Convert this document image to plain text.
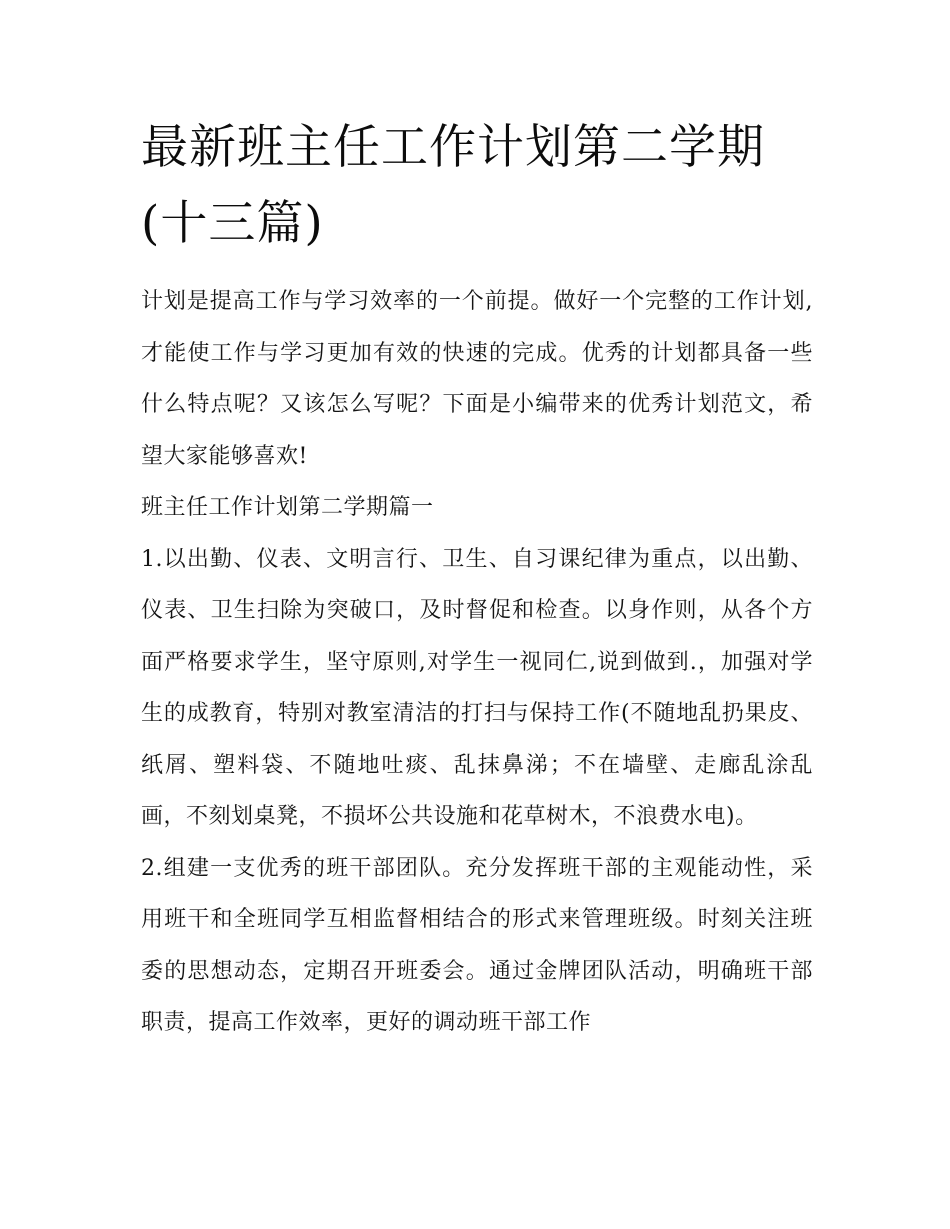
最新班主任工作计划第二学期(十三篇)

计划是提高工作与学习效率的一个前提。做好一个完整的工作计划,才能使工作与学习更加有效的快速的完成。优秀的计划都具备一些什么特点呢？又该怎么写呢？下面是小编带来的优秀计划范文，希望大家能够喜欢!

班主任工作计划第二学期篇一

1.以出勤、仪表、文明言行、卫生、自习课纪律为重点，以出勤、仪表、卫生扫除为突破口，及时督促和检查。以身作则，从各个方面严格要求学生，坚守原则,对学生一视同仁,说到做到.，加强对学生的成教育，特别对教室清洁的打扫与保持工作(不随地乱扔果皮、纸屑、塑料袋、不随地吐痰、乱抹鼻涕；不在墙壁、走廊乱涂乱画，不刻划桌凳，不损坏公共设施和花草树木，不浪费水电)。

2.组建一支优秀的班干部团队。充分发挥班干部的主观能动性，采用班干和全班同学互相监督相结合的形式来管理班级。时刻关注班委的思想动态，定期召开班委会。通过金牌团队活动，明确班干部职责，提高工作效率，更好的调动班干部工作
